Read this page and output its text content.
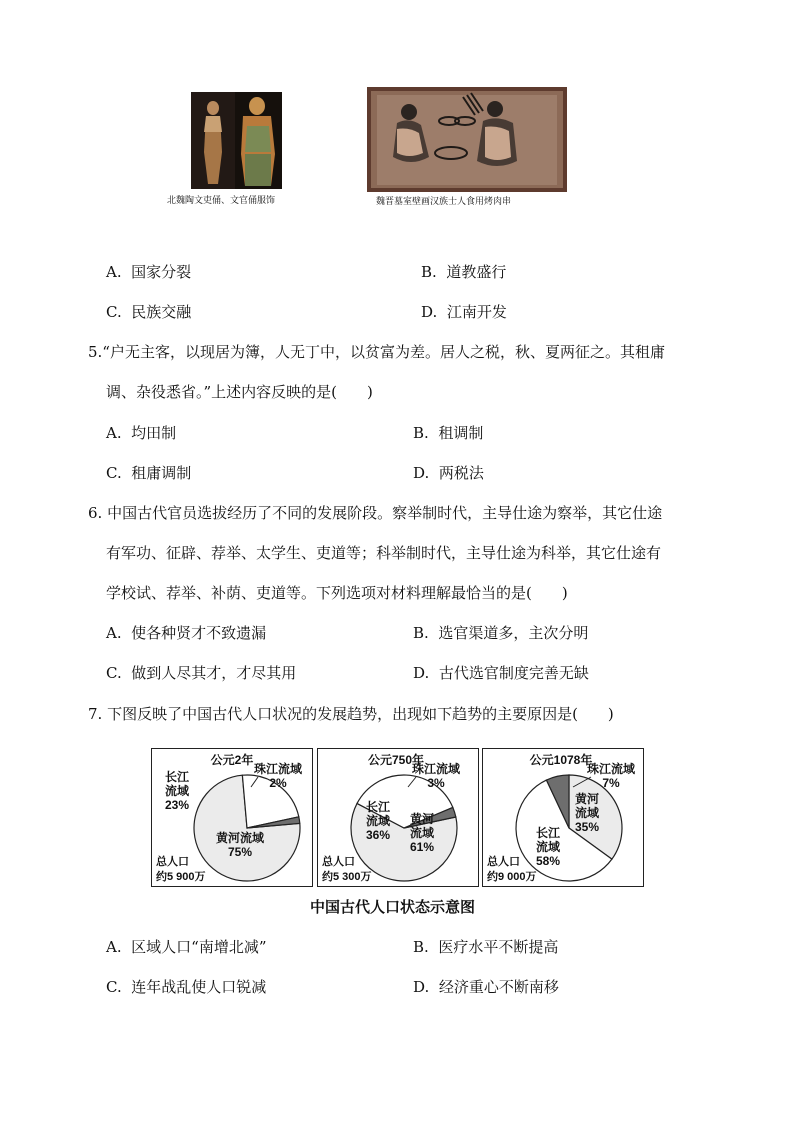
北魏陶文吏俑、文官俑服饰	魏晋墓室壁画汉族士人食用烤肉串
A. 国家分裂	B. 道教盛行
C. 民族交融	D. 江南开发
5.“户无主客，以现居为簿，人无丁中，以贫富为差。居人之税，秋、夏两征之。其租庸
调、杂役悉省。”上述内容反映的是(　　)
A. 均田制	B. 租调制
C. 租庸调制	D. 两税法
6. 中国古代官员选拔经历了不同的发展阶段。察举制时代，主导仕途为察举，其它仕途
有军功、征辟、荐举、太学生、吏道等；科举制时代，主导仕途为科举，其它仕途有
学校试、荐举、补荫、吏道等。下列选项对材料理解最恰当的是(　　)
A. 使各种贤才不致遗漏	B. 选官渠道多，主次分明
C. 做到人尽其才，才尽其用	D. 古代选官制度完善无缺
7. 下图反映了中国古代人口状况的发展趋势，出现如下趋势的主要原因是(　　)
公元2年
黄河流域
75%
长江
流域
23%
珠江流域
2%
总人口
约5 900万
公元750年
黄河
流域
61%
长江
流域
36%
珠江流域
3%
总人口
约5 300万
公元1078年
黄河
流域
35%
长江
流域
58%
珠江流域
7%
总人口
约9 000万
中国古代人口状态示意图
A. 区域人口“南增北减”	B. 医疗水平不断提高
C. 连年战乱使人口锐减	D. 经济重心不断南移
